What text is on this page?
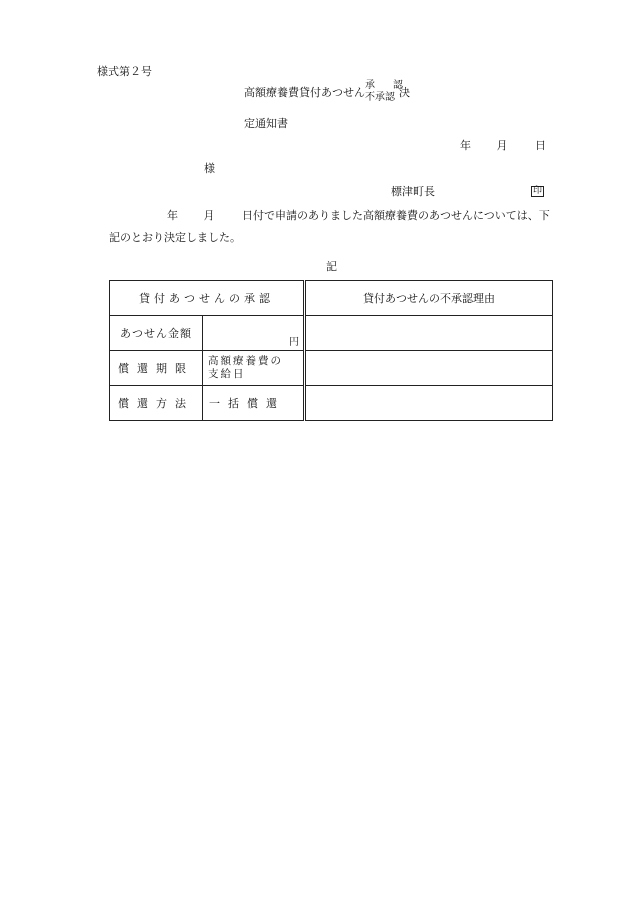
様式第２号
高額療養費貸付あつせん
承　認
不承認 決
定通知書
年 月	日
様
標津町長	印
年 月	日付で申請のありました高額療養費のあつせんについては、下
記のとおり決定しました。
記
貸付あつせんの承認		貸付あつせんの不承認理由
あつせん金額	円	
償還期限	高額療養費の
支給日	

償還方法	一括償還	
